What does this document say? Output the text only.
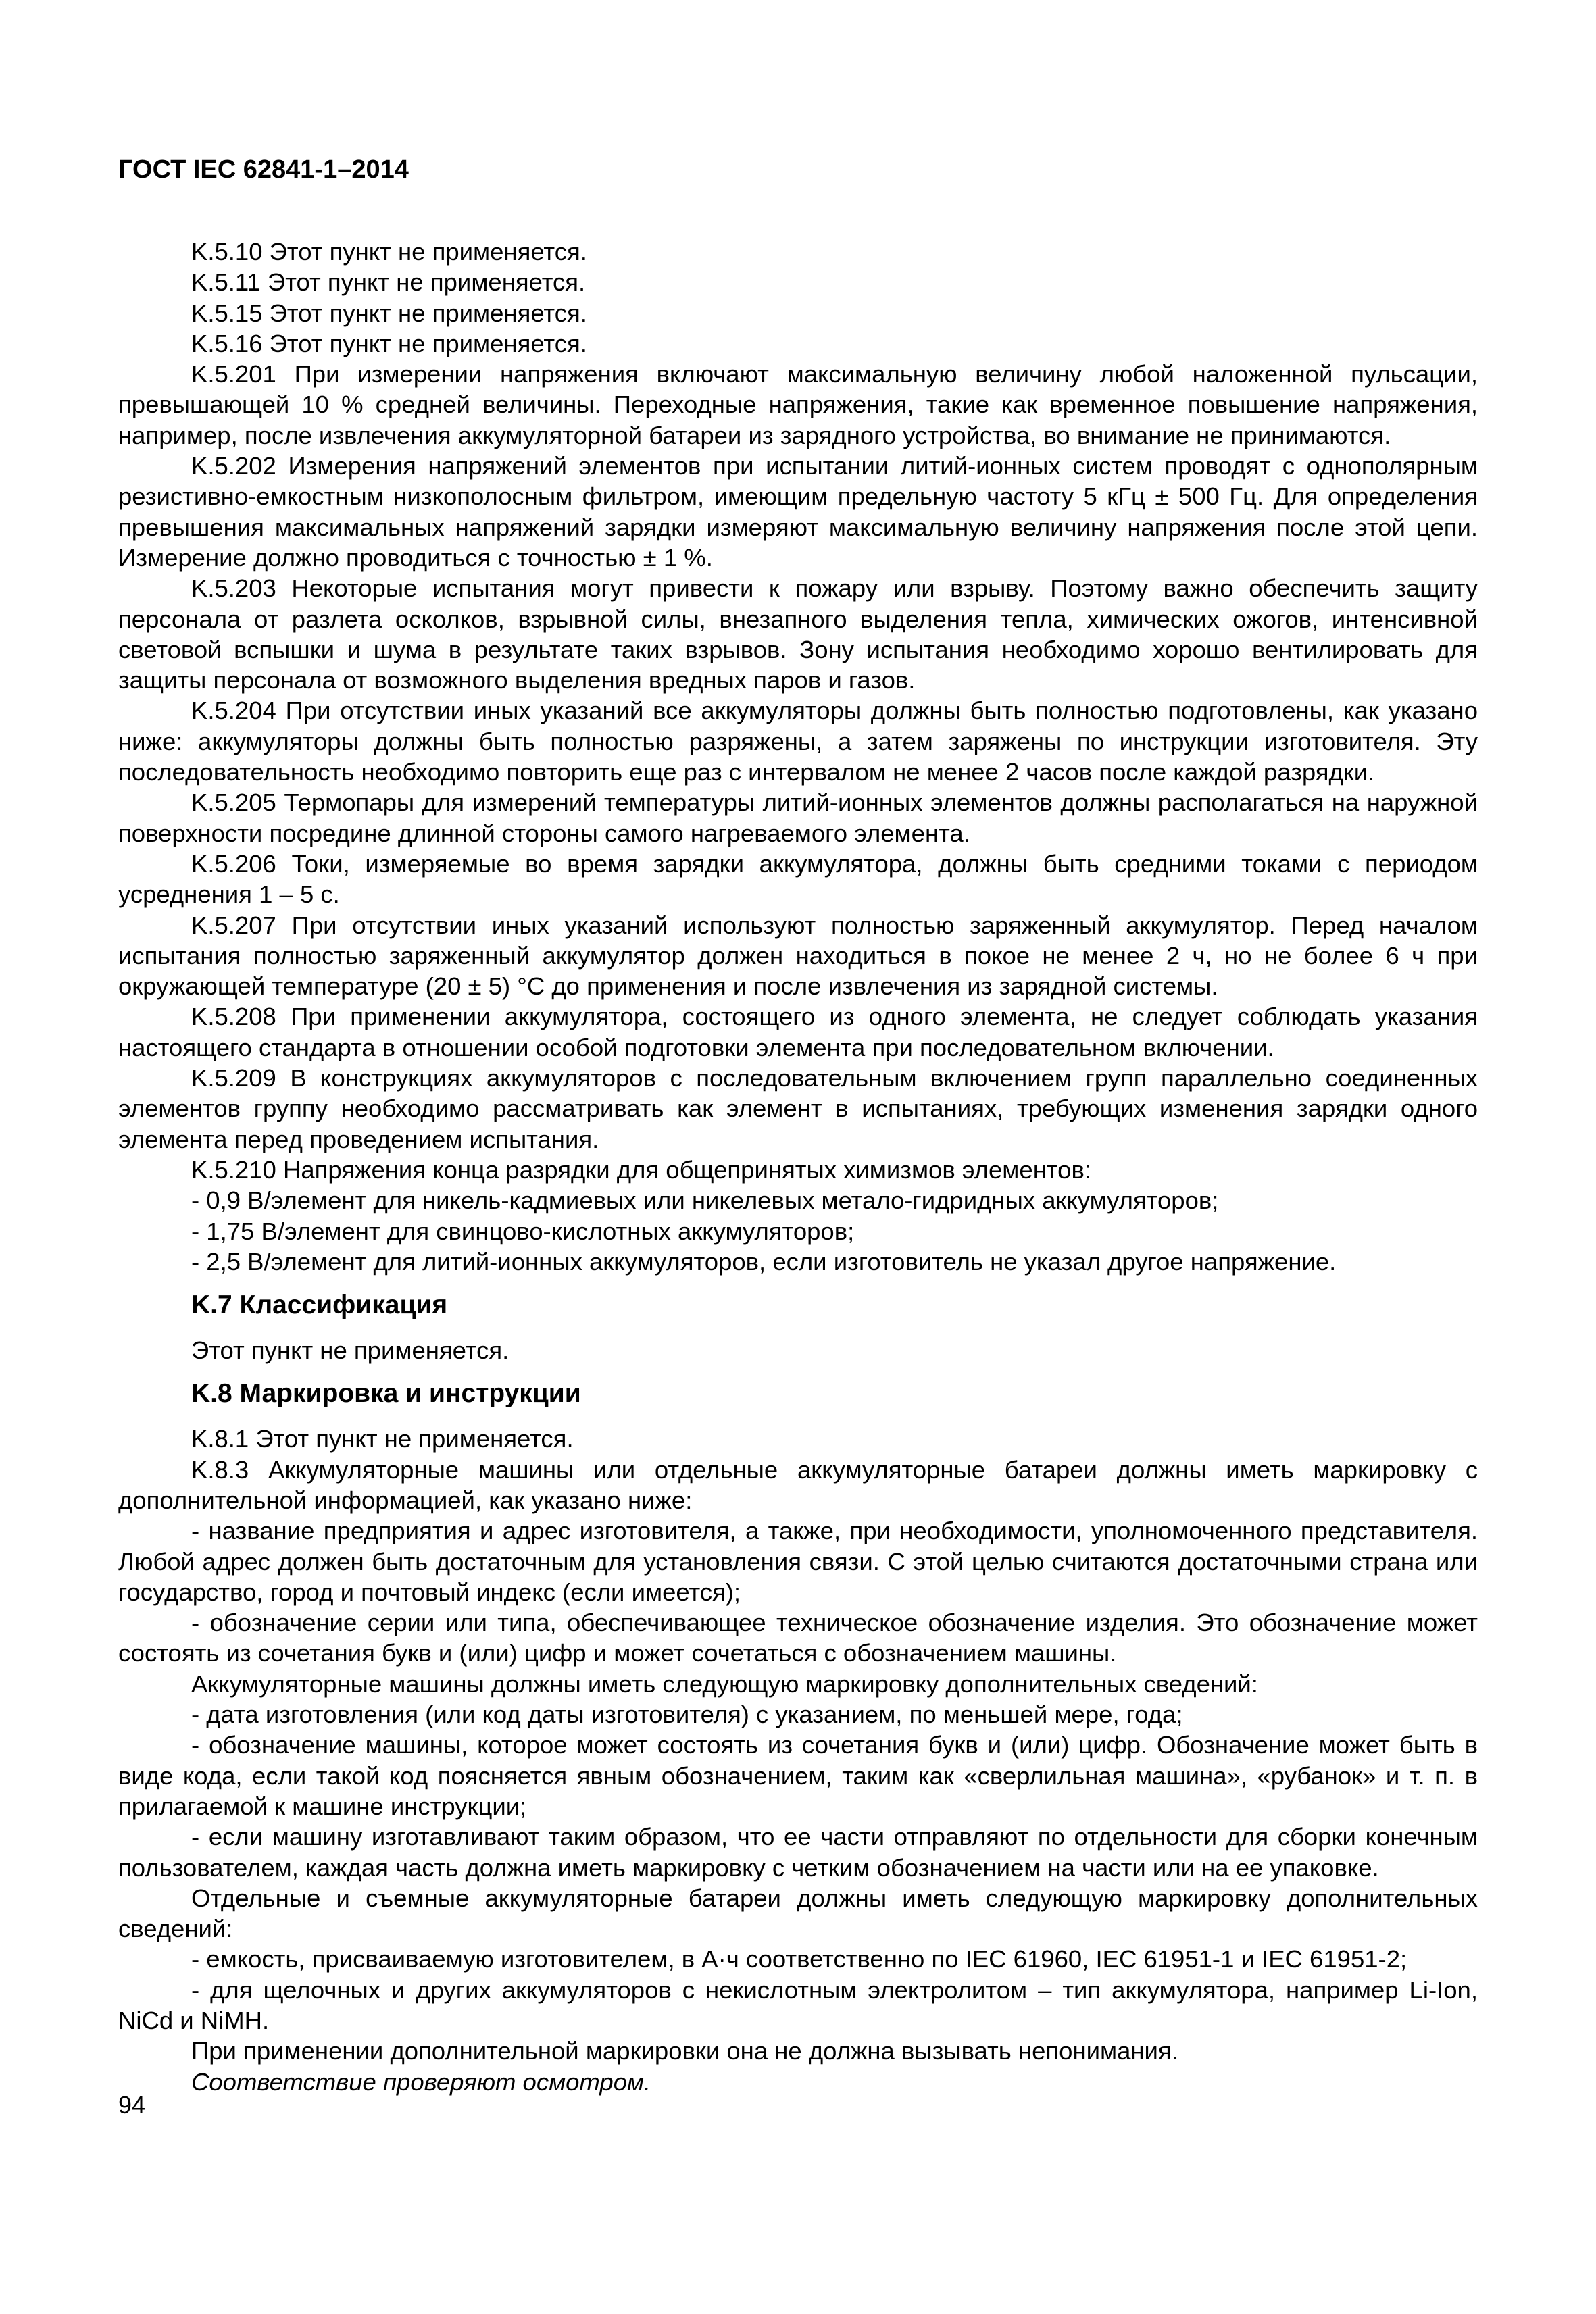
ГОСТ IEC 62841-1–2014

K.5.10 Этот пункт не применяется.

K.5.11 Этот пункт не применяется.

K.5.15 Этот пункт не применяется.

K.5.16 Этот пункт не применяется.

K.5.201 При измерении напряжения включают максимальную величину любой наложенной пульсации, превышающей 10 % средней величины. Переходные напряжения, такие как временное повышение напряжения, например, после извлечения аккумуляторной батареи из зарядного устройства, во внимание не принимаются.

K.5.202 Измерения напряжений элементов при испытании литий-ионных систем проводят с однополярным резистивно-емкостным низкополосным фильтром, имеющим предельную частоту 5 кГц ± 500 Гц. Для определения превышения максимальных напряжений зарядки измеряют максимальную величину напряжения после этой цепи. Измерение должно проводиться с точностью ± 1 %.

K.5.203 Некоторые испытания могут привести к пожару или взрыву. Поэтому важно обеспечить защиту персонала от разлета осколков, взрывной силы, внезапного выделения тепла, химических ожогов, интенсивной световой вспышки и шума в результате таких взрывов. Зону испытания необходимо хорошо вентилировать для защиты персонала от возможного выделения вредных паров и газов.

K.5.204 При отсутствии иных указаний все аккумуляторы должны быть полностью подготовлены, как указано ниже: аккумуляторы должны быть полностью разряжены, а затем заряжены по инструкции изготовителя. Эту последовательность необходимо повторить еще раз с интервалом не менее 2 часов после каждой разрядки.

K.5.205 Термопары для измерений температуры литий-ионных элементов должны располагаться на наружной поверхности посредине длинной стороны самого нагреваемого элемента.

K.5.206 Токи, измеряемые во время зарядки аккумулятора, должны быть средними токами с периодом усреднения 1 – 5 с.

K.5.207 При отсутствии иных указаний используют полностью заряженный аккумулятор. Перед началом испытания полностью заряженный аккумулятор должен находиться в покое не менее 2 ч, но не более 6 ч при окружающей температуре (20 ± 5) °С до применения и после извлечения из зарядной системы.

K.5.208 При применении аккумулятора, состоящего из одного элемента, не следует соблюдать указания настоящего стандарта в отношении особой подготовки элемента при последовательном включении.

K.5.209 В конструкциях аккумуляторов с последовательным включением групп параллельно соединенных элементов группу необходимо рассматривать как элемент в испытаниях, требующих изменения зарядки одного элемента перед проведением испытания.

K.5.210 Напряжения конца разрядки для общепринятых химизмов элементов:

- 0,9 В/элемент для никель-кадмиевых или никелевых метало-гидридных аккумуляторов;

- 1,75 В/элемент для свинцово-кислотных аккумуляторов;

- 2,5 В/элемент для литий-ионных аккумуляторов, если изготовитель не указал другое напряжение.

K.7 Классификация

Этот пункт не применяется.

K.8 Маркировка и инструкции

K.8.1 Этот пункт не применяется.

K.8.3 Аккумуляторные машины или отдельные аккумуляторные батареи должны иметь маркировку с дополнительной информацией, как указано ниже:

- название предприятия и адрес изготовителя, а также, при необходимости, уполномоченного представителя. Любой адрес должен быть достаточным для установления связи. С этой целью считаются достаточными страна или государство, город и почтовый индекс (если имеется);

- обозначение серии или типа, обеспечивающее техническое обозначение изделия. Это обозначение может состоять из сочетания букв и (или) цифр и может сочетаться с обозначением машины.

Аккумуляторные машины должны иметь следующую маркировку дополнительных сведений:

- дата изготовления (или код даты изготовителя) с указанием, по меньшей мере, года;

- обозначение машины, которое может состоять из сочетания букв и (или) цифр. Обозначение может быть в виде кода, если такой код поясняется явным обозначением, таким как «сверлильная машина», «рубанок» и т. п. в прилагаемой к машине инструкции;

- если машину изготавливают таким образом, что ее части отправляют по отдельности для сборки конечным пользователем, каждая часть должна иметь маркировку с четким обозначением на части или на ее упаковке.

Отдельные и съемные аккумуляторные батареи должны иметь следующую маркировку дополнительных сведений:

- емкость, присваиваемую изготовителем, в А·ч соответственно по IEC 61960, IEC 61951-1 и IEC 61951-2;

- для щелочных и других аккумуляторов с некислотным электролитом – тип аккумулятора, например Li-Ion, NiCd и NiMH.

При применении дополнительной маркировки она не должна вызывать непонимания.

Соответствие проверяют осмотром.

94
